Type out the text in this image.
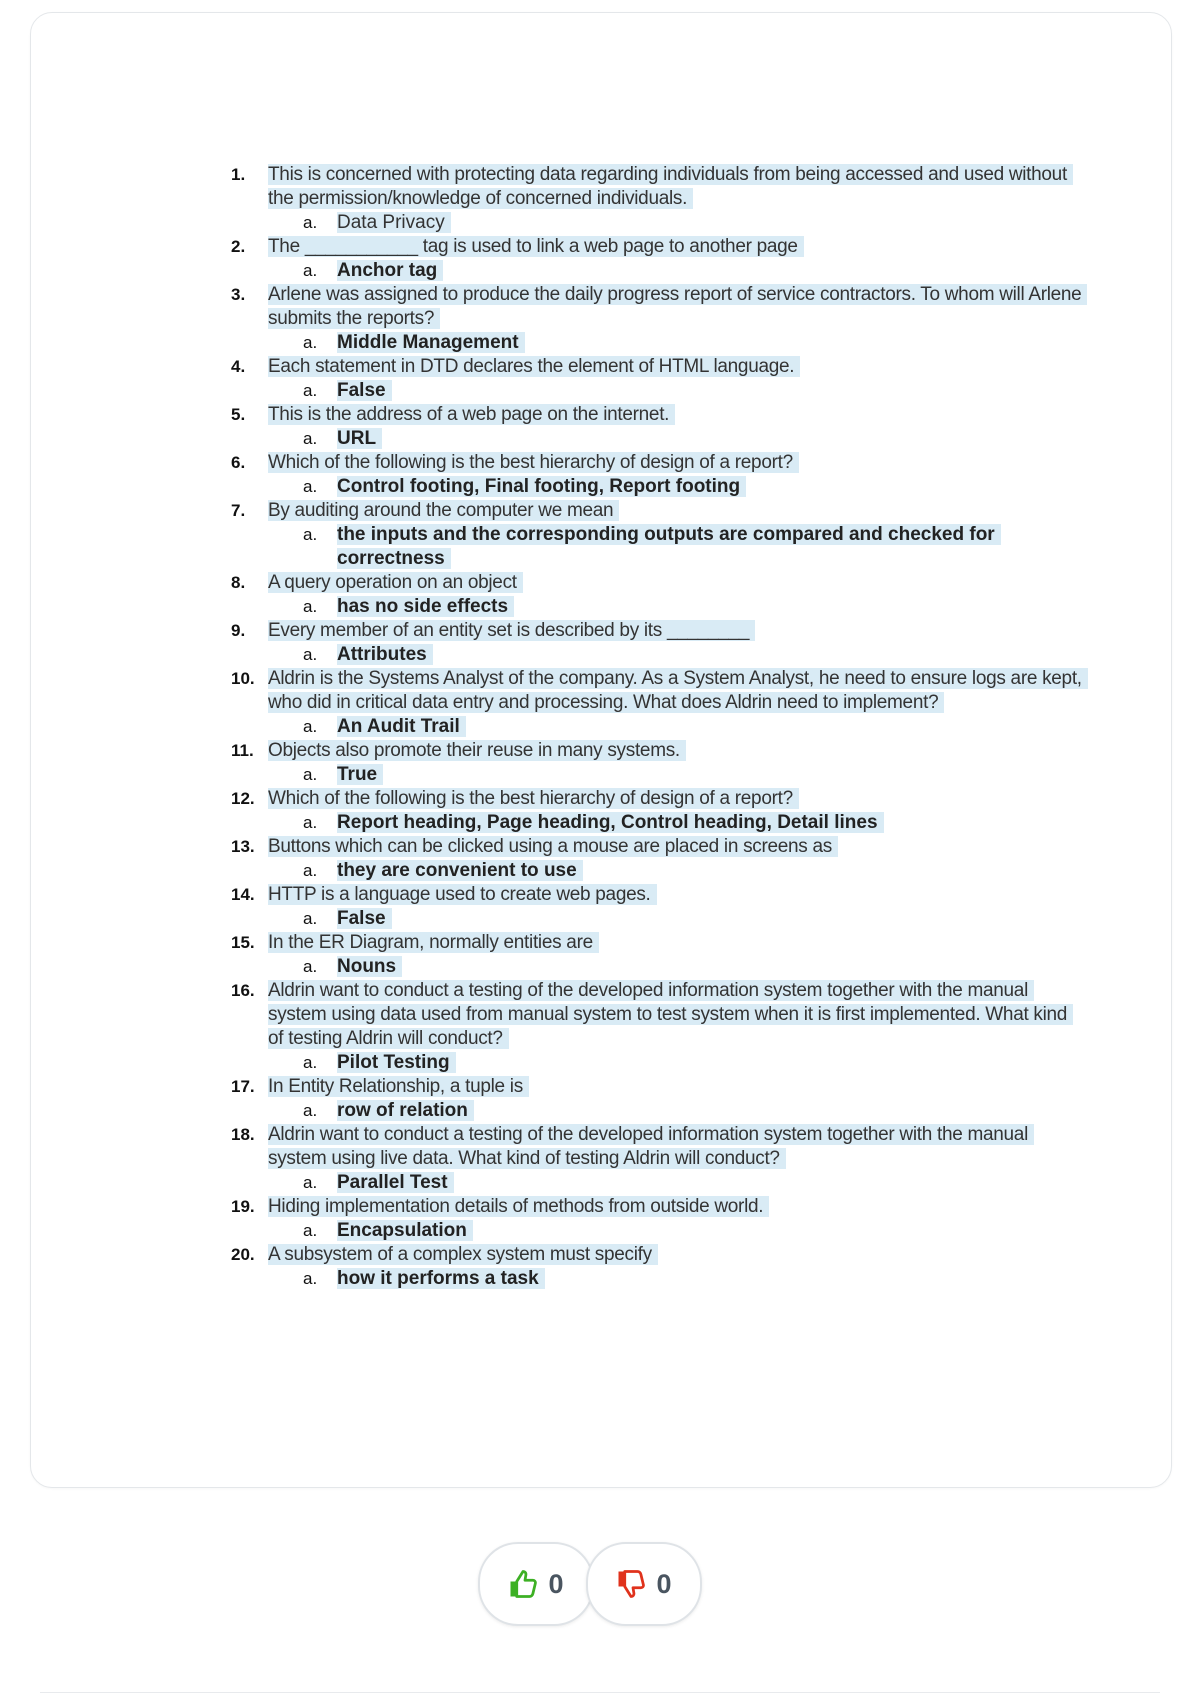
1.	This is concerned with protecting data regarding individuals from being accessed and used without the permission/knowledge of concerned individuals.
a. Data Privacy
2.	The ___________ tag is used to link a web page to another page
a. Anchor tag
3.	Arlene was assigned to produce the daily progress report of service contractors. To whom will Arlene submits the reports?
a. Middle Management
4.	Each statement in DTD declares the element of HTML language.
a. False
5.	This is the address of a web page on the internet.
a. URL
6.	Which of the following is the best hierarchy of design of a report?
a. Control footing, Final footing, Report footing
7.	By auditing around the computer we mean
a. the inputs and the corresponding outputs are compared and checked for correctness
8.	A query operation on an object
a. has no side effects
9.	Every member of an entity set is described by its ________
a. Attributes
10. Aldrin is the Systems Analyst of the company. As a System Analyst, he need to ensure logs are kept, who did in critical data entry and processing. What does Aldrin need to implement?
a. An Audit Trail
11. Objects also promote their reuse in many systems.
a. True
12. Which of the following is the best hierarchy of design of a report?
a. Report heading, Page heading, Control heading, Detail lines
13. Buttons which can be clicked using a mouse are placed in screens as
a. they are convenient to use
14. HTTP is a language used to create web pages.
a. False
15. In the ER Diagram, normally entities are
a. Nouns
16. Aldrin want to conduct a testing of the developed information system together with the manual system using data used from manual system to test system when it is first implemented. What kind of testing Aldrin will conduct?
a. Pilot Testing
17. In Entity Relationship, a tuple is
a. row of relation
18. Aldrin want to conduct a testing of the developed information system together with the manual system using live data. What kind of testing Aldrin will conduct?
a. Parallel Test
19. Hiding implementation details of methods from outside world.
a. Encapsulation
20. A subsystem of a complex system must specify
a. how it performs a task
0	0
